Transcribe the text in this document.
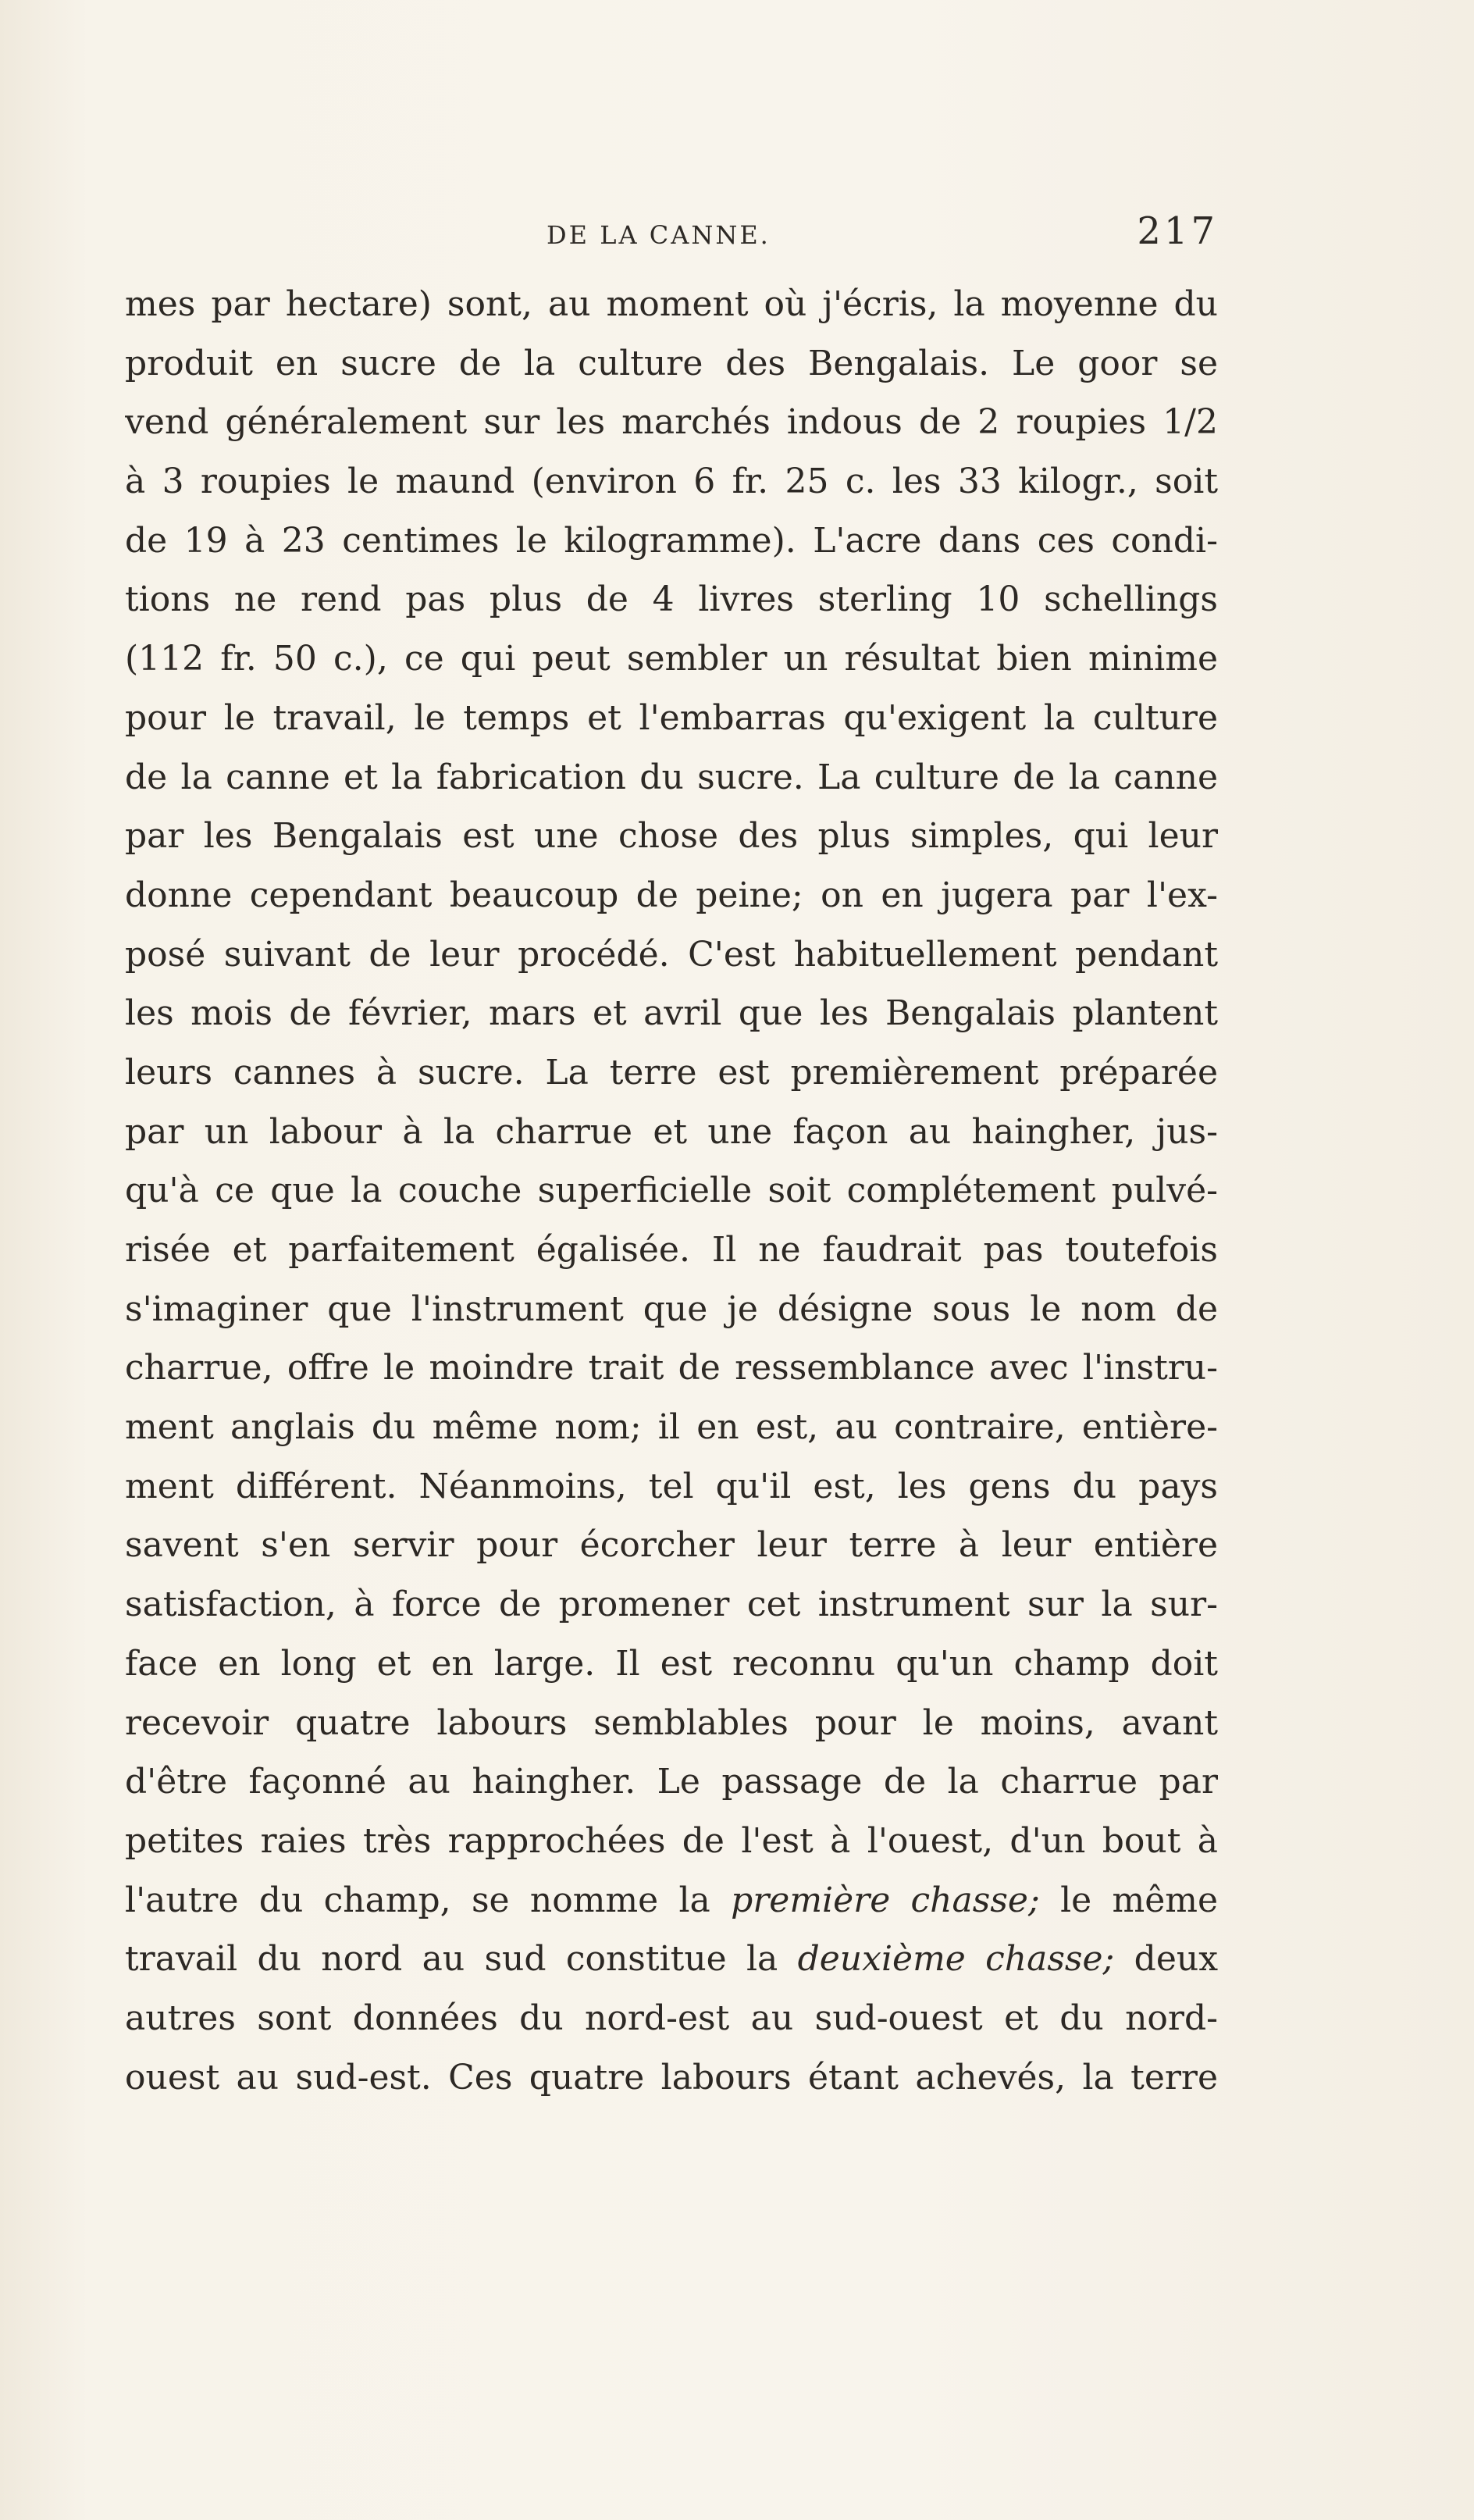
DE LA CANNE.	217
mes par hectare) sont, au moment où j'écris, la moyenne du
produit en sucre de la culture des Bengalais. Le goor se
vend généralement sur les marchés indous de 2 roupies 1/2
à 3 roupies le maund (environ 6 fr. 25 c. les 33 kilogr., soit
de 19 à 23 centimes le kilogramme). L'acre dans ces condi-
tions ne rend pas plus de 4 livres sterling 10 schellings
(112 fr. 50 c.), ce qui peut sembler un résultat bien minime
pour le travail, le temps et l'embarras qu'exigent la culture
de la canne et la fabrication du sucre. La culture de la canne
par les Bengalais est une chose des plus simples, qui leur
donne cependant beaucoup de peine; on en jugera par l'ex-
posé suivant de leur procédé. C'est habituellement pendant
les mois de février, mars et avril que les Bengalais plantent
leurs cannes à sucre. La terre est premièrement préparée
par un labour à la charrue et une façon au haingher, jus-
qu'à ce que la couche superficielle soit complétement pulvé-
risée et parfaitement égalisée. Il ne faudrait pas toutefois
s'imaginer que l'instrument que je désigne sous le nom de
charrue, offre le moindre trait de ressemblance avec l'instru-
ment anglais du même nom; il en est, au contraire, entière-
ment différent. Néanmoins, tel qu'il est, les gens du pays
savent s'en servir pour écorcher leur terre à leur entière
satisfaction, à force de promener cet instrument sur la sur-
face en long et en large. Il est reconnu qu'un champ doit
recevoir quatre labours semblables pour le moins, avant
d'être façonné au haingher. Le passage de la charrue par
petites raies très rapprochées de l'est à l'ouest, d'un bout à
l'autre du champ, se nomme la première chasse; le même
travail du nord au sud constitue la deuxième chasse; deux
autres sont données du nord-est au sud-ouest et du nord-
ouest au sud-est. Ces quatre labours étant achevés, la terre
